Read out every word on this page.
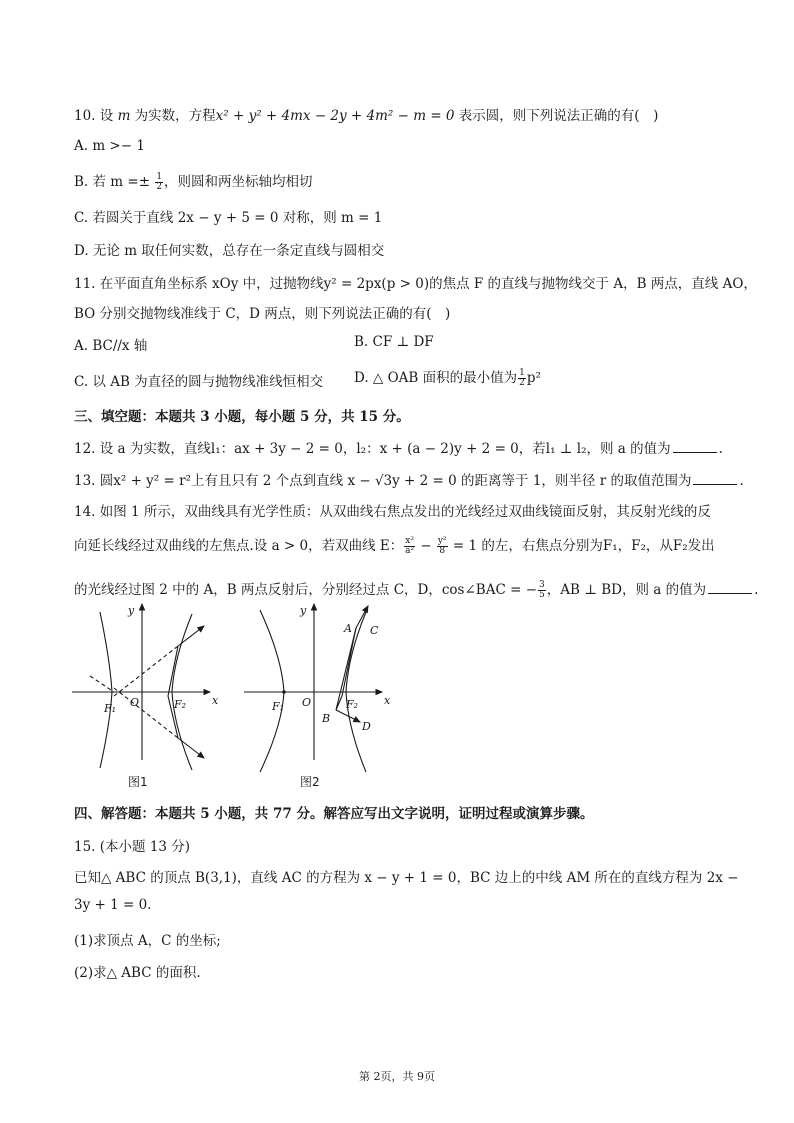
10. 设 m 为实数，方程x² + y² + 4mx − 2y + 4m² − m = 0 表示圆，则下列说法正确的有(　)
A. m >− 1
B. 若 $m =\pm \frac{1}{2}$ ，则圆和两坐标轴均相切
C. 若圆关于直线 2x − y + 5 = 0 对称，则 m = 1
D. 无论 m 取任何实数，总存在一条定直线与圆相交
11. 在平面直角坐标系 xOy 中，过抛物线y² = 2px(p > 0)的焦点 F 的直线与抛物线交于 A，B 两点，直线 AO，
BO 分别交抛物线准线于 C，D 两点，则下列说法正确的有(　)
A. BC//x 轴	B. CF ⊥ DF
C. 以 AB 为直径的圆与抛物线准线恒相交 D. △ OAB 面积的最小值为 $\frac{1}{2} p^2$
三、填空题：本题共 3 小题，每小题 5 分，共 15 分。
12. 设 a 为实数，直线l₁：ax + 3y − 2 = 0，l₂：x + (a − 2)y + 2 = 0，若l₁ ⊥ l₂，则 a 的值为	.
13. 圆x² + y² = r²上有且只有 2 个点到直线 x − √3y + 2 = 0 的距离等于 1，则半径 r 的取值范围为	.
14. 如图 1 所示，双曲线具有光学性质：从双曲线右焦点发出的光线经过双曲线镜面反射，其反射光线的反
向延长线经过双曲线的左焦点.设 a > 0，若双曲线 E： $\frac{\text{x²}}{\text{a²}} - \frac{\text{y²}}{8} = 1$ 的左，右焦点分别为F₁，F₂，从F₂发出
的光线经过图 2 中的 A，B 两点反射后，分别经过点 C，D，cos∠BAC = − $\frac{3}{5}$ ，AB ⊥ BD，则 a 的值为	.
y
x
O
F₁	F₂
图1
y
x
O
F₁	F₂
A C
B
D
图2
四、解答题：本题共 5 小题，共 77 分。解答应写出文字说明，证明过程或演算步骤。
15. (本小题 13 分)
已知△ ABC 的顶点 B(3,1)，直线 AC 的方程为 x − y + 1 = 0，BC 边上的中线 AM 所在的直线方程为 2x −
3y + 1 = 0.
(1)求顶点 A，C 的坐标;
(2)求△ ABC 的面积.
第 2页，共 9页
